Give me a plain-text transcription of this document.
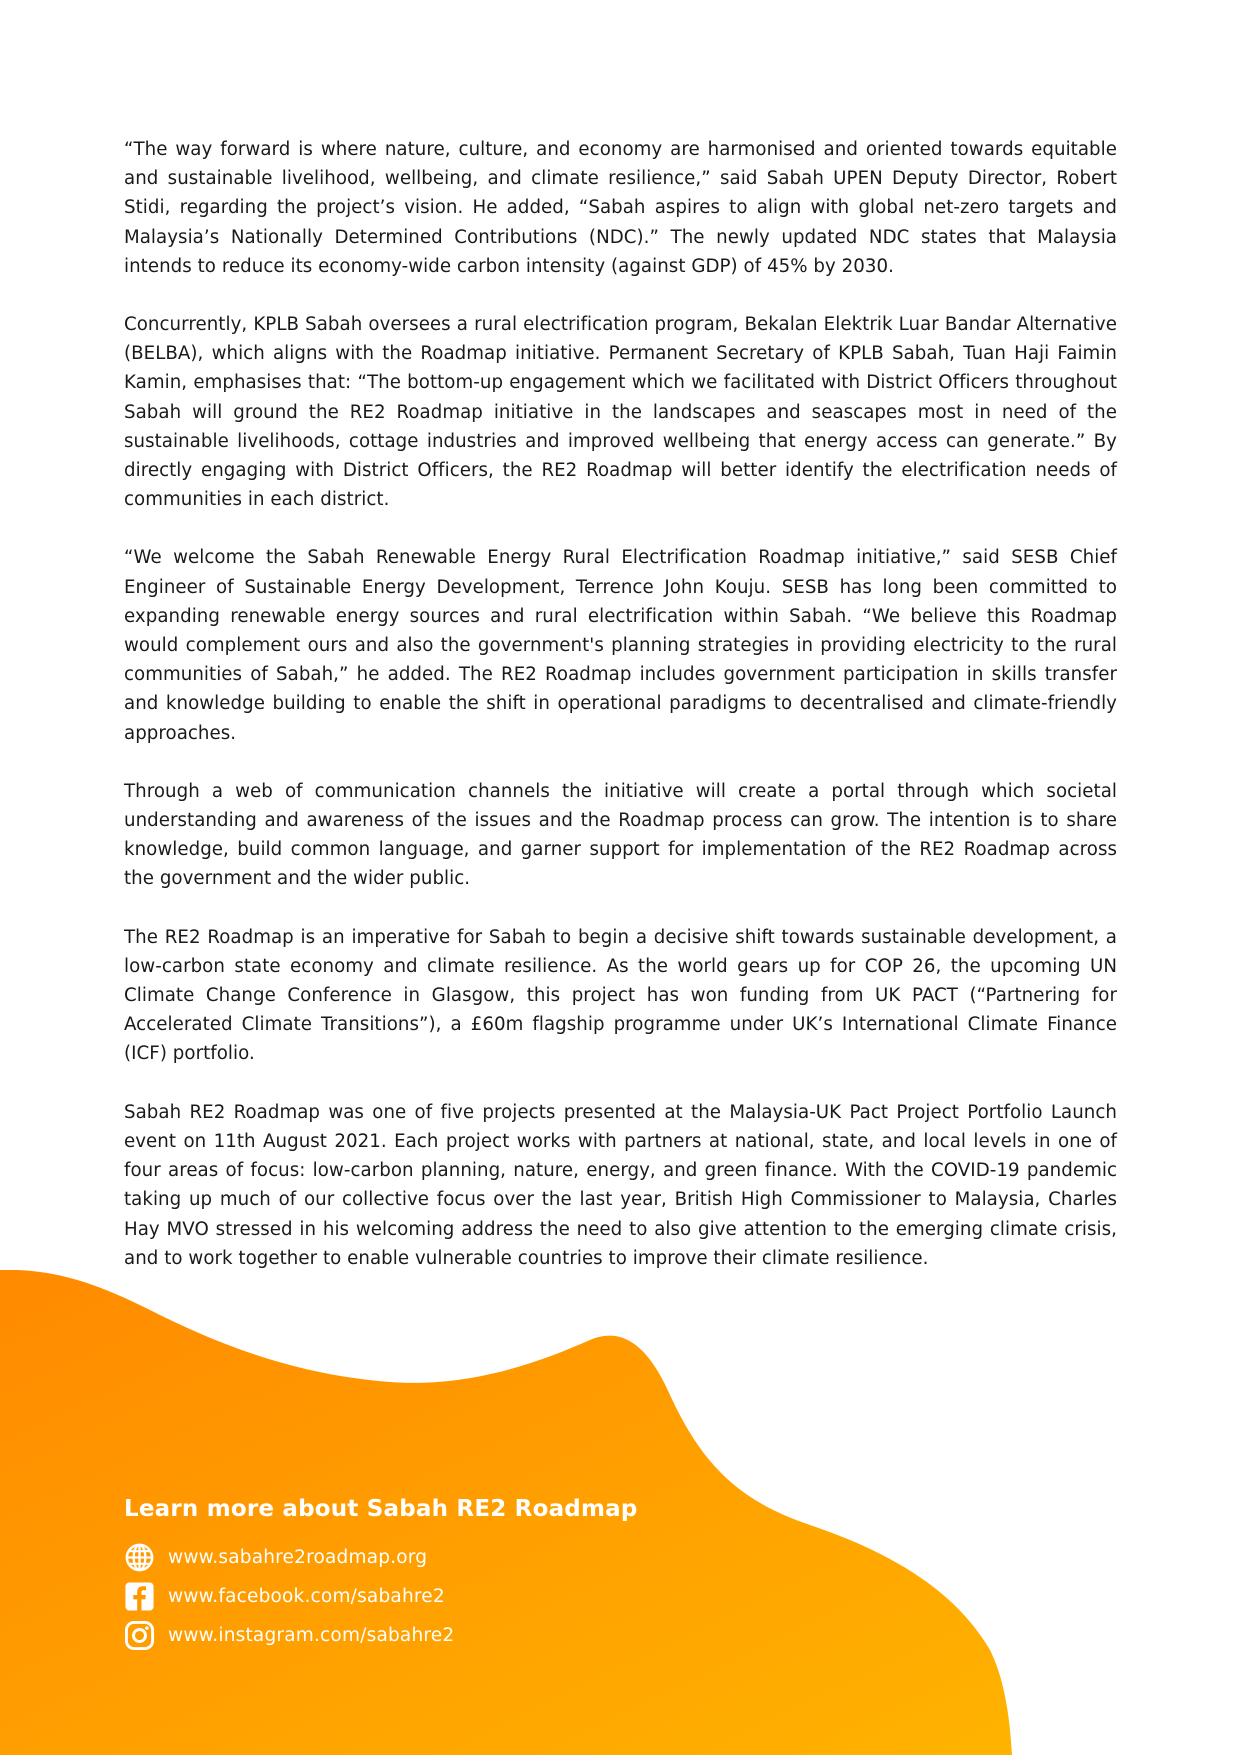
“The way forward is where nature, culture, and economy are harmonised and oriented towards equitable and sustainable livelihood, wellbeing, and climate resilience,” said Sabah UPEN Deputy Director, Robert Stidi, regarding the project’s vision. He added, “Sabah aspires to align with global net-zero targets and Malaysia’s Nationally Determined Contributions (NDC).” The newly updated NDC states that Malaysia intends to reduce its economy-wide carbon intensity (against GDP) of 45% by 2030.

Concurrently, KPLB Sabah oversees a rural electrification program, Bekalan Elektrik Luar Bandar Alternative (BELBA), which aligns with the Roadmap initiative. Permanent Secretary of KPLB Sabah, Tuan Haji Faimin Kamin, emphasises that: “The bottom-up engagement which we facilitated with District Officers throughout Sabah will ground the RE2 Roadmap initiative in the landscapes and seascapes most in need of the sustainable livelihoods, cottage industries and improved wellbeing that energy access can generate.” By directly engaging with District Officers, the RE2 Roadmap will better identify the electrification needs of communities in each district.

“We welcome the Sabah Renewable Energy Rural Electrification Roadmap initiative,” said SESB Chief Engineer of Sustainable Energy Development, Terrence John Kouju. SESB has long been committed to expanding renewable energy sources and rural electrification within Sabah. “We believe this Roadmap would complement ours and also the government's planning strategies in providing electricity to the rural communities of Sabah,” he added. The RE2 Roadmap includes government participation in skills transfer and knowledge building to enable the shift in operational paradigms to decentralised and climate-friendly approaches.

Through a web of communication channels the initiative will create a portal through which societal understanding and awareness of the issues and the Roadmap process can grow. The intention is to share knowledge, build common language, and garner support for implementation of the RE2 Roadmap across the government and the wider public.

The RE2 Roadmap is an imperative for Sabah to begin a decisive shift towards sustainable development, a low-carbon state economy and climate resilience. As the world gears up for COP 26, the upcoming UN Climate Change Conference in Glasgow, this project has won funding from UK PACT (“Partnering for Accelerated Climate Transitions”), a £60m flagship programme under UK’s International Climate Finance (ICF) portfolio.

Sabah RE2 Roadmap was one of five projects presented at the Malaysia-UK Pact Project Portfolio Launch event on 11th August 2021. Each project works with partners at national, state, and local levels in one of four areas of focus: low-carbon planning, nature, energy, and green finance. With the COVID-19 pandemic taking up much of our collective focus over the last year, British High Commissioner to Malaysia, Charles Hay MVO stressed in his welcoming address the need to also give attention to the emerging climate crisis, and to work together to enable vulnerable countries to improve their climate resilience.

Learn more about Sabah RE2 Roadmap
www.sabahre2roadmap.org
www.facebook.com/sabahre2
www.instagram.com/sabahre2
